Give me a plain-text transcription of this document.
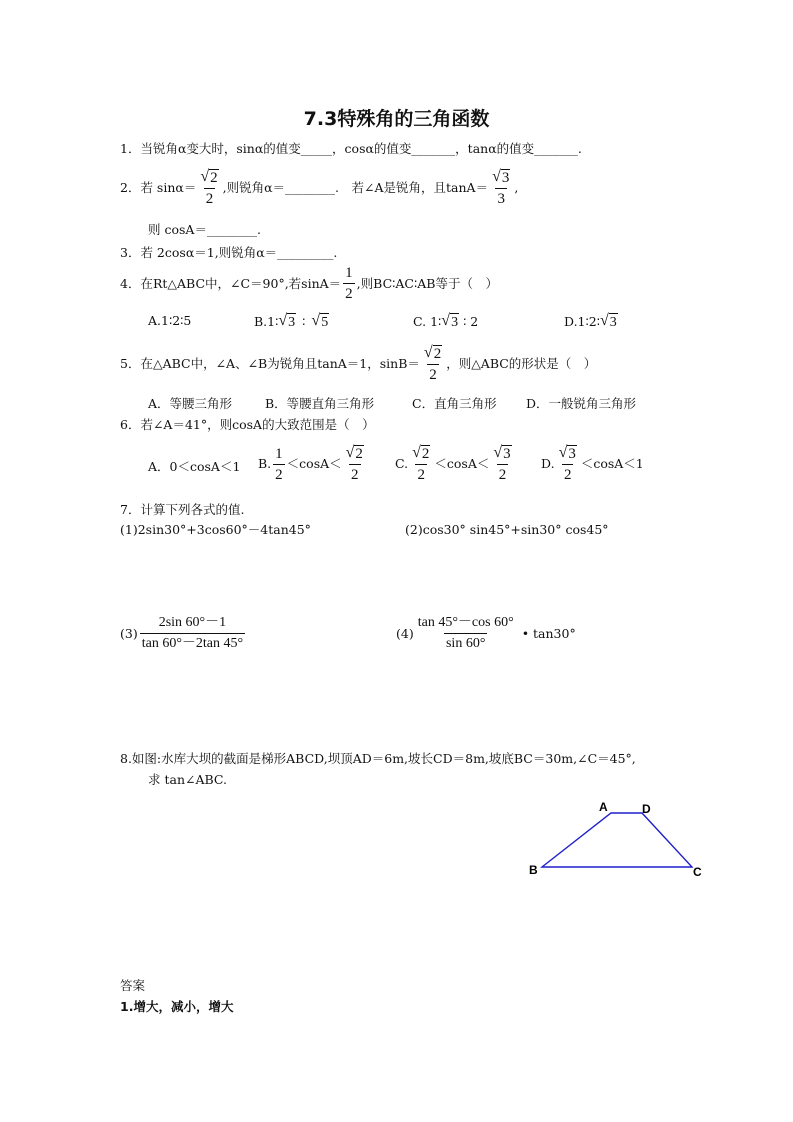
7.3特殊角的三角函数
1．当锐角α变大时，sinα的值变_____，cosα的值变_______，tanα的值变_______.
2．若 $\sin\alpha= \frac{√ 2}{2}$ ,则锐角α＝________.　若∠A是锐角，且$\tan A= \frac{√ 3}{3}$ ,
则 cosA＝________.
3．若 2cosα＝1,则锐角α＝_________.
4．在Rt△ABC中，∠C＝90°,若$\sin A= \frac{1}{2}$ ,则BC∶AC∶AB等于（　）
A.1∶2∶5	B.1∶ √ 3 ∶ √ 5	C. 1∶ √ 3 ∶ 2	D.1∶2∶ √ 3
5．在△ABC中，∠A、∠B为锐角且tanA＝1，$\sin B= \frac{√ 2}{2}$ ，则△ABC的形状是（　）
A．等腰三角形	B．等腰直角三角形	C．直角三角形 D．一般锐角三角形
6．若∠A＝41°，则cosA的大致范围是（　）
A．0＜cosA＜1 B. $\frac{1}{2} <\cos A< \frac{√ 2}{2} C$. $\frac{√ 2}{2} <\cos A< \frac{√ 3}{2} D$. $\frac{√ 3}{2} <\cos A<1$
7．计算下列各式的值.
(1)2sin30°+3cos60°－4tan45°	(2)cos30° sin45°+sin30° cos45°
$(3) \frac{2\sin 60^\circ-1}{\tan 60^\circ-2\tan 45^\circ}$	$(4) \frac{\tan 45^\circ-\cos 60^\circ}{\sin 60^\circ}$ • tan30°
8.如图:水库大坝的截面是梯形ABCD,坝顶AD＝6m,坡长CD＝8m,坡底BC＝30m,∠C＝45°,
求 tan∠ABC.
A	D
B	C
答案
1.增大，减小，增大
